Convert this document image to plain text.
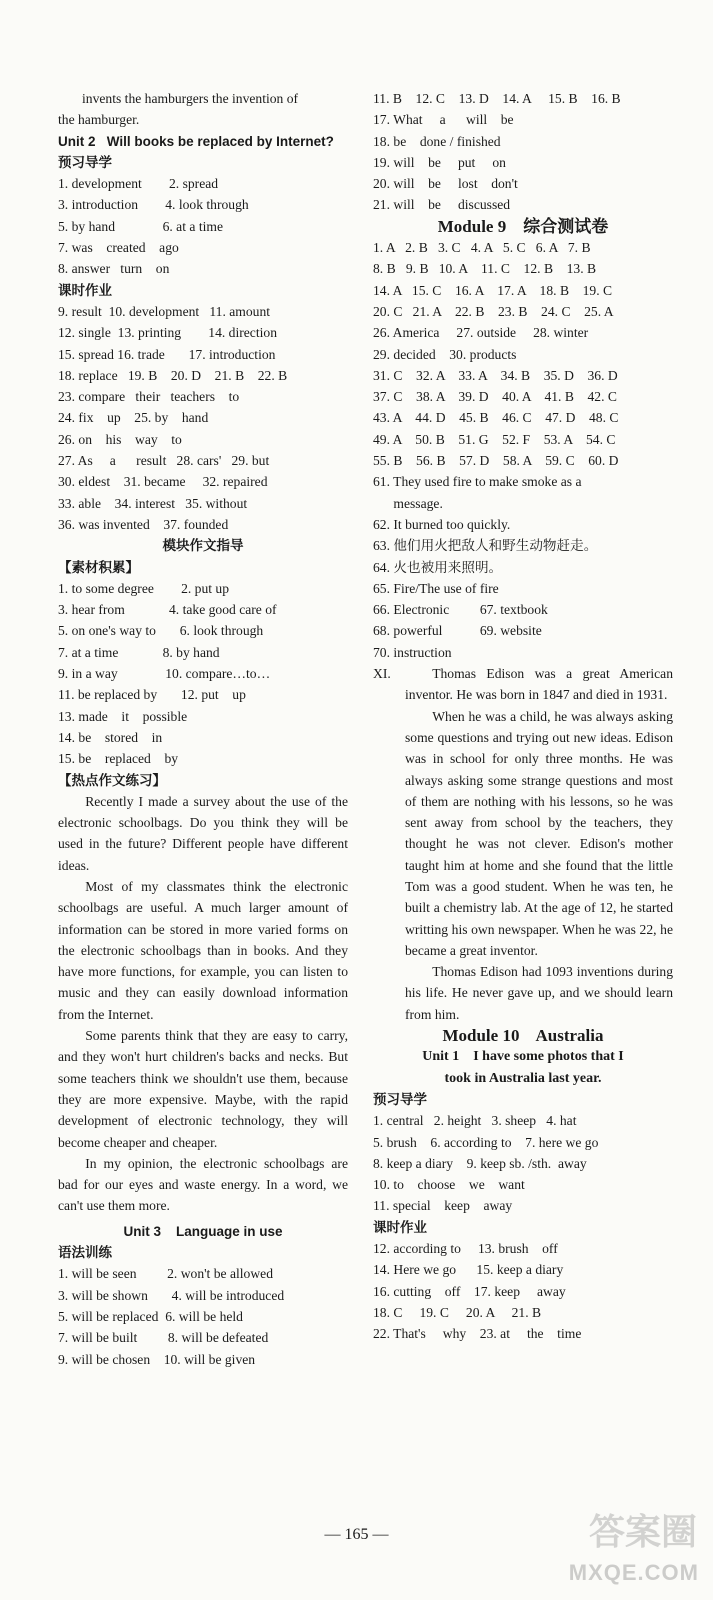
invents the hamburgers the invention of
the hamburger.
Unit 2   Will books be replaced by Internet?
预习导学
1. development        2. spread
3. introduction        4. look through
5. by hand              6. at a time
7. was    created    ago
8. answer   turn    on
课时作业
9. result  10. development   11. amount
12. single  13. printing        14. direction
15. spread 16. trade       17. introduction
18. replace   19. B    20. D    21. B    22. B
23. compare   their   teachers    to
24. fix    up    25. by    hand
26. on    his    way    to
27. As     a      result   28. cars'   29. but
30. eldest    31. became     32. repaired
33. able    34. interest   35. without
36. was invented    37. founded
模块作文指导
【素材积累】
1. to some degree        2. put up
3. hear from             4. take good care of
5. on one's way to       6. look through
7. at a time             8. by hand
9. in a way              10. compare…to…
11. be replaced by       12. put    up
13. made    it    possible
14. be    stored    in
15. be    replaced    by
【热点作文练习】

Recently I made a survey about the use of the electronic schoolbags. Do you think they will be used in the future? Different people have different ideas.

Most of my classmates think the electronic schoolbags are useful. A much larger amount of information can be stored in more varied forms on the electronic schoolbags than in books. And they have more functions, for example, you can listen to music and they can easily download information from the Internet.

Some parents think that they are easy to carry, and they won't hurt children's backs and necks. But some teachers think we shouldn't use them, because they are more expensive. Maybe, with the rapid development of electronic technology, they will become cheaper and cheaper.

In my opinion, the electronic schoolbags are bad for our eyes and waste energy. In a word, we can't use them more.

Unit 3    Language in use
语法训练
1. will be seen         2. won't be allowed
3. will be shown       4. will be introduced
5. will be replaced  6. will be held
7. will be built         8. will be defeated
9. will be chosen    10. will be given
11. B    12. C    13. D    14. A     15. B    16. B
17. What     a      will    be
18. be    done / finished
19. will    be     put     on
20. will    be     lost    don't
21. will    be     discussed
Module 9    综合测试卷
1. A   2. B   3. C   4. A   5. C   6. A   7. B
8. B   9. B   10. A    11. C    12. B    13. B
14. A   15. C    16. A    17. A    18. B    19. C
20. C   21. A    22. B    23. B    24. C    25. A
26. America     27. outside     28. winter
29. decided    30. products
31. C    32. A    33. A    34. B    35. D    36. D
37. C    38. A    39. D    40. A    41. B    42. C
43. A    44. D    45. B    46. C    47. D    48. C
49. A    50. B    51. G    52. F    53. A    54. C
55. B    56. B    57. D    58. A    59. C    60. D
61. They used fire to make smoke as a
message.
62. It burned too quickly.
63. 他们用火把敌人和野生动物赶走。
64. 火也被用来照明。
65. Fire/The use of fire
66. Electronic         67. textbook
68. powerful           69. website
70. instruction
XI.	Thomas Edison was a great American inventor. He was born in 1847 and died in 1931.

When he was a child, he was always asking some questions and trying out new ideas. Edison was in school for only three months. He was always asking some strange questions and most of them are nothing with his lessons, so he was sent away from school by the teachers, they thought he was not clever. Edison's mother taught him at home and she found that the little Tom was a good student. When he was ten, he built a chemistry lab. At the age of 12, he started writting his own newspaper. When he was 22, he became a great inventor.

Thomas Edison had 1093 inventions during his life. He never gave up, and we should learn from him.

Module 10    Australia
Unit 1    I have some photos that I
took in Australia last year.
预习导学
1. central   2. height   3. sheep   4. hat
5. brush    6. according to    7. here we go
8. keep a diary    9. keep sb. /sth.  away
10. to    choose    we    want
11. special    keep    away
课时作业
12. according to     13. brush    off
14. Here we go      15. keep a diary
16. cutting    off    17. keep     away
18. C     19. C     20. A     21. B
22. That's     why    23. at     the    time
— 165 —	答案圈
MXQE.COM
